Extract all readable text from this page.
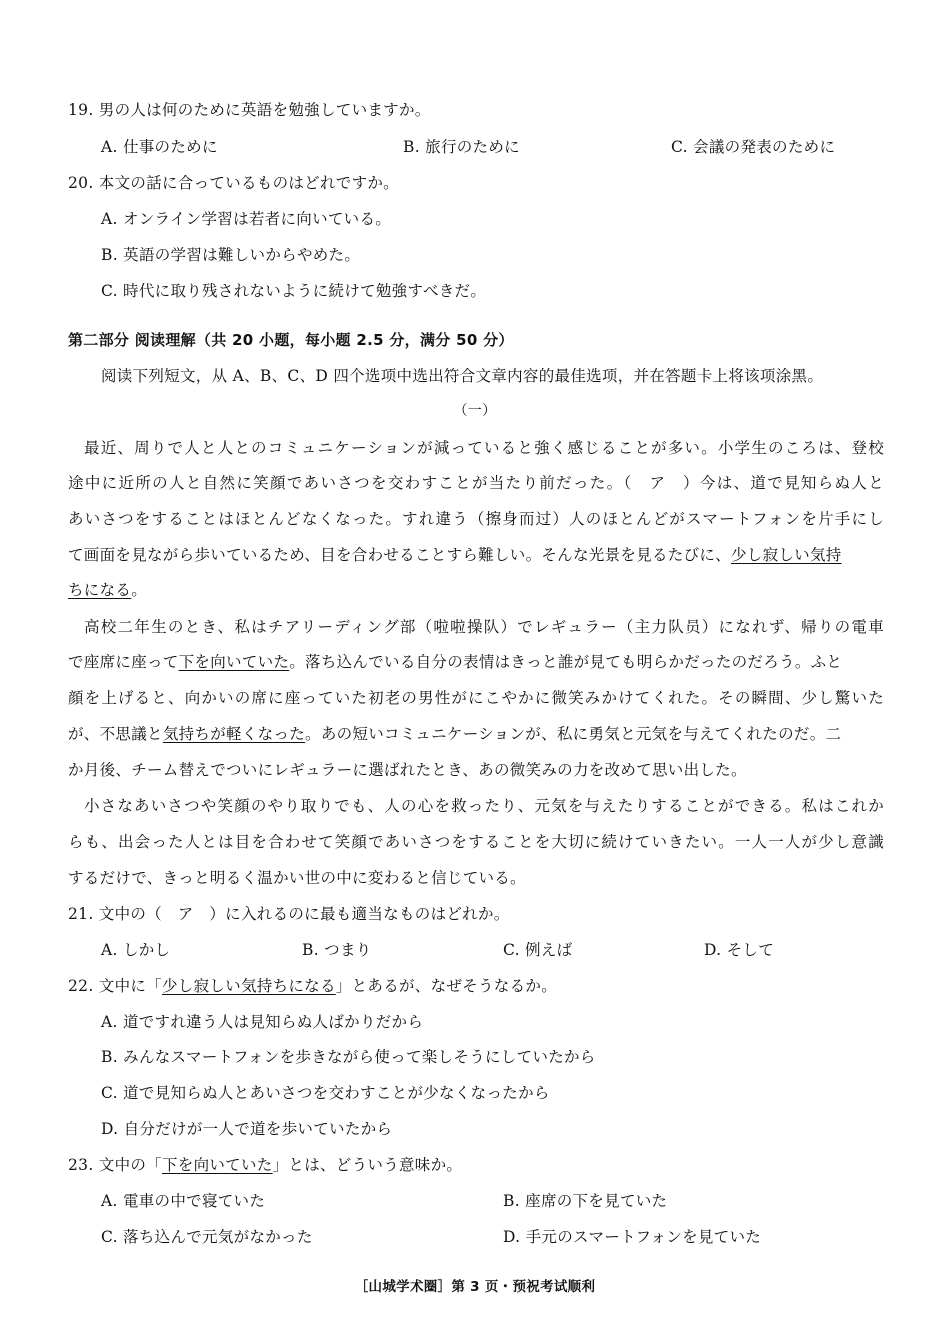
19. 男の人は何のために英語を勉強していますか。
A. 仕事のために	B. 旅行のために	C. 会議の発表のために
20. 本文の話に合っているものはどれですか。
A. オンライン学習は若者に向いている。
B. 英語の学習は難しいからやめた。
C. 時代に取り残されないように続けて勉強すべきだ。
第二部分 阅读理解（共 20 小题，每小题 2.5 分，满分 50 分）
阅读下列短文，从 A、B、C、D 四个选项中选出符合文章内容的最佳选项，并在答题卡上将该项涂黑。
（一）
最近、周りで人と人とのコミュニケーションが減っていると強く感じることが多い。小学生のころは、登校
途中に近所の人と自然に笑顔であいさつを交わすことが当たり前だった。（　ア　）今は、道で見知らぬ人と
あいさつをすることはほとんどなくなった。すれ違う（擦身而过）人のほとんどがスマートフォンを片手にし
て画面を見ながら歩いているため、目を合わせることすら難しい。そんな光景を見るたびに、少し寂しい気持
ちになる。
高校二年生のとき、私はチアリーディング部（啦啦操队）でレギュラー（主力队员）になれず、帰りの電車
で座席に座って下を向いていた。落ち込んでいる自分の表情はきっと誰が見ても明らかだったのだろう。ふと
顔を上げると、向かいの席に座っていた初老の男性がにこやかに微笑みかけてくれた。その瞬間、少し驚いた
が、不思議と気持ちが軽くなった。あの短いコミュニケーションが、私に勇気と元気を与えてくれたのだ。二
か月後、チーム替えでついにレギュラーに選ばれたとき、あの微笑みの力を改めて思い出した。
小さなあいさつや笑顔のやり取りでも、人の心を救ったり、元気を与えたりすることができる。私はこれか
らも、出会った人とは目を合わせて笑顔であいさつをすることを大切に続けていきたい。一人一人が少し意識
するだけで、きっと明るく温かい世の中に変わると信じている。
21. 文中の（　ア　）に入れるのに最も適当なものはどれか。
A. しかし	B. つまり	C. 例えば	D. そして
22. 文中に「少し寂しい気持ちになる」とあるが、なぜそうなるか。
A. 道ですれ違う人は見知らぬ人ばかりだから
B. みんなスマートフォンを歩きながら使って楽しそうにしていたから
C. 道で見知らぬ人とあいさつを交わすことが少なくなったから
D. 自分だけが一人で道を歩いていたから
23. 文中の「下を向いていた」とは、どういう意味か。
A. 電車の中で寝ていた	B. 座席の下を見ていた
C. 落ち込んで元気がなかった	D. 手元のスマートフォンを見ていた
［山城学术圈］第 3 页・预祝考试顺利
